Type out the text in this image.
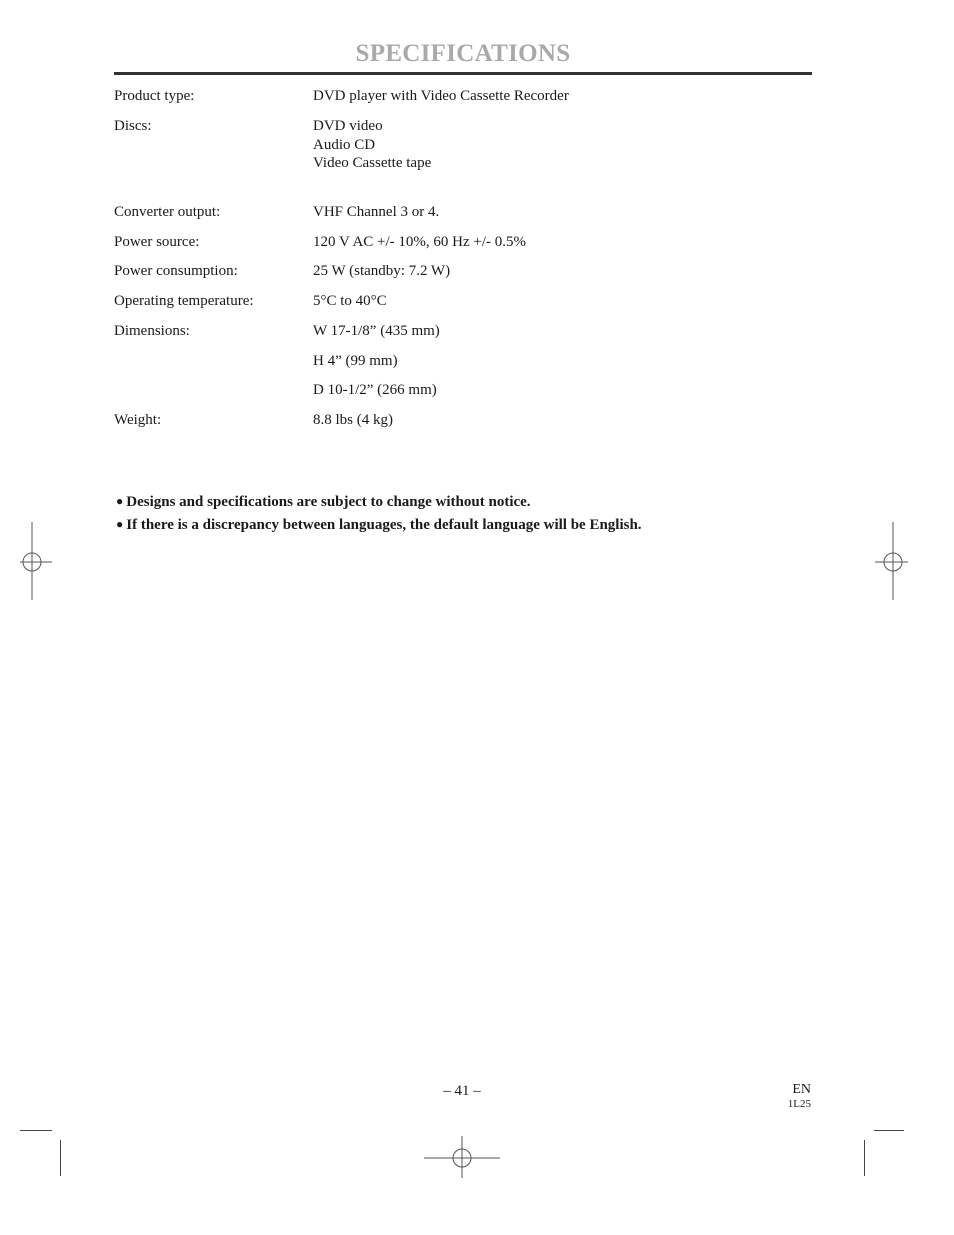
SPECIFICATIONS
Product type:	DVD player with Video Cassette Recorder
Discs:	DVD video
Audio CD
Video Cassette tape
Converter output:	VHF Channel 3 or 4.
Power source:	120 V AC +/- 10%, 60 Hz +/- 0.5%
Power consumption:	25 W (standby: 7.2 W)
Operating temperature:	5°C to 40°C
Dimensions:	W 17-1/8” (435 mm)
H 4” (99 mm)
D 10-1/2” (266 mm)
Weight:	8.8 lbs (4 kg)
● Designs and specifications are subject to change without notice.
● If there is a discrepancy between languages, the default language will be English.
– 41 –	EN
1L25
